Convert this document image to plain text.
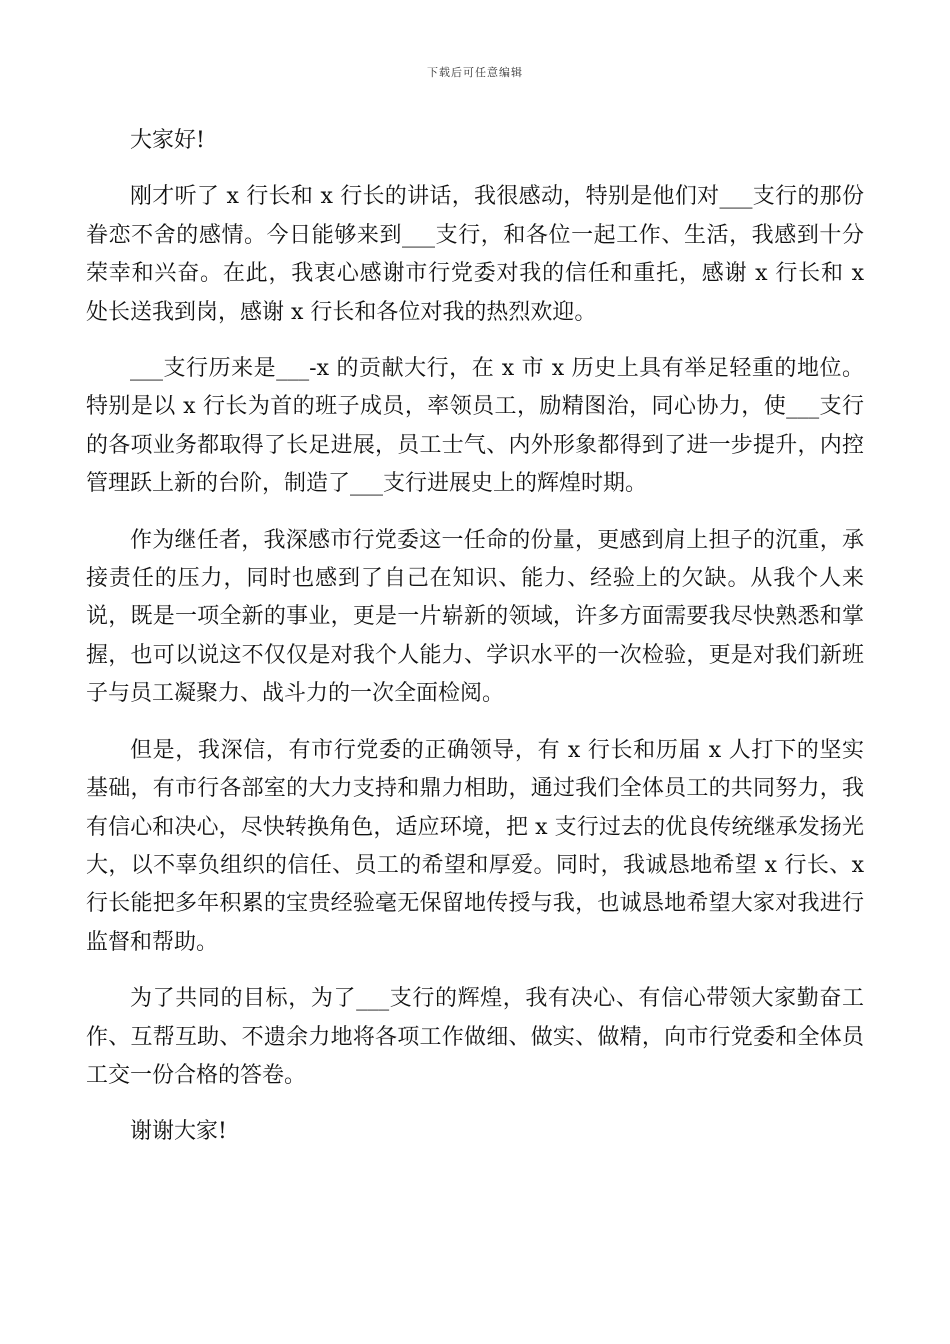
下载后可任意编辑

大家好!

刚才听了 x 行长和 x 行长的讲话，我很感动，特别是他们对___支行的那份眷恋不舍的感情。今日能够来到___支行，和各位一起工作、生活，我感到十分荣幸和兴奋。在此，我衷心感谢市行党委对我的信任和重托，感谢 x 行长和 x 处长送我到岗，感谢 x 行长和各位对我的热烈欢迎。

___支行历来是___-x 的贡献大行，在 x 市 x 历史上具有举足轻重的地位。特别是以 x 行长为首的班子成员，率领员工，励精图治，同心协力，使___支行的各项业务都取得了长足进展，员工士气、内外形象都得到了进一步提升，内控管理跃上新的台阶，制造了___支行进展史上的辉煌时期。

作为继任者，我深感市行党委这一任命的份量，更感到肩上担子的沉重，承接责任的压力，同时也感到了自己在知识、能力、经验上的欠缺。从我个人来说，既是一项全新的事业，更是一片崭新的领域，许多方面需要我尽快熟悉和掌握，也可以说这不仅仅是对我个人能力、学识水平的一次检验，更是对我们新班子与员工凝聚力、战斗力的一次全面检阅。

但是，我深信，有市行党委的正确领导，有 x 行长和历届 x 人打下的坚实基础，有市行各部室的大力支持和鼎力相助，通过我们全体员工的共同努力，我有信心和决心，尽快转换角色，适应环境，把 x 支行过去的优良传统继承发扬光大，以不辜负组织的信任、员工的希望和厚爱。同时，我诚恳地希望 x 行长、x 行长能把多年积累的宝贵经验毫无保留地传授与我，也诚恳地希望大家对我进行监督和帮助。

为了共同的目标，为了___支行的辉煌，我有决心、有信心带领大家勤奋工作、互帮互助、不遗余力地将各项工作做细、做实、做精，向市行党委和全体员工交一份合格的答卷。

谢谢大家!
